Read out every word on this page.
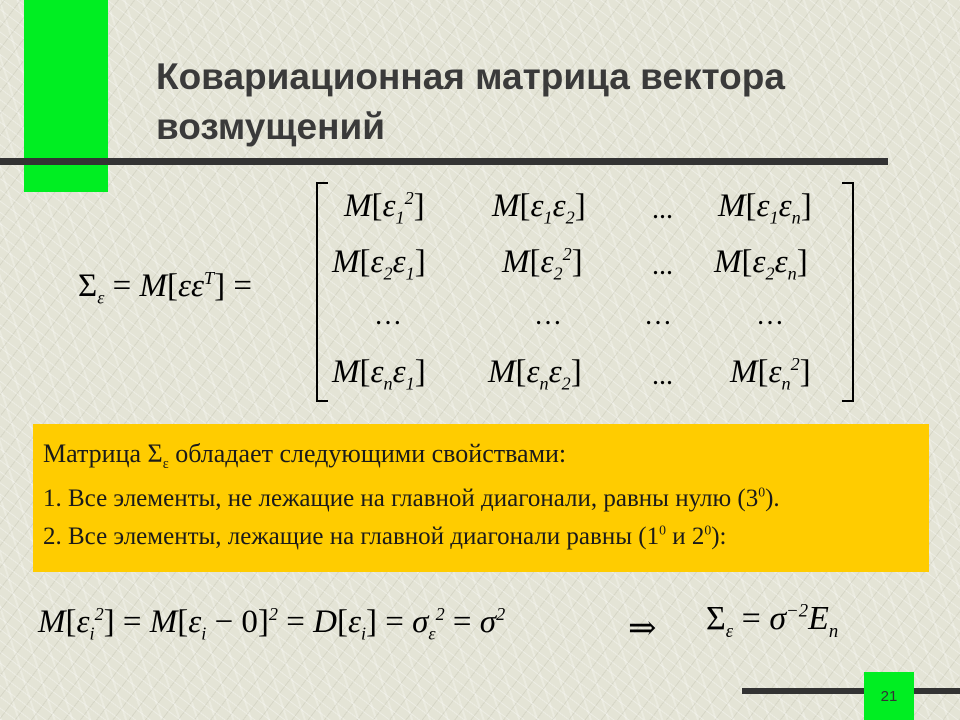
Ковариационная матрица вектора
возмущений
$\Sigma_\varepsilon = M[\varepsilon\varepsilon^T]$ =
$M[\varepsilon_1^2]$ $M[\varepsilon_1\varepsilon_2]$ ... $M[\varepsilon_1\varepsilon_n]$
$M[\varepsilon_2\varepsilon_1]$ $M[\varepsilon_2^2]$ ... $M[\varepsilon_2\varepsilon_n]$
…	…	…	…
$M[\varepsilon_n\varepsilon_1]$ $M[\varepsilon_n\varepsilon_2]$	... $M[\varepsilon_n^2]$
Матрица $\Sigma_\varepsilon$ обладает следующими свойствами:
1. Все элементы, не лежащие на главной диагонали, равны нулю $(3^0)$.
2. Все элементы, лежащие на главной диагонали равны ($1^0$ и $2^0$):
$M[\varepsilon_i^2] = M[\varepsilon_i - 0]^2 = D[\varepsilon_i] = \sigma_\varepsilon^2 = \sigma^2$	⇒ $\Sigma_\varepsilon = \sigma^{-2}E_n$
21
